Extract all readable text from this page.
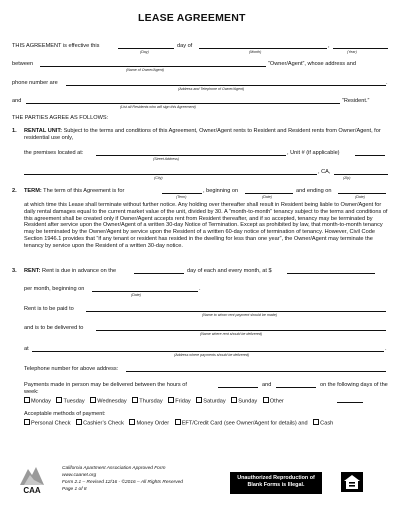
LEASE AGREEMENT
THIS AGREEMENT is effective this	day of	,
(Day)	(Month)	(Year)
between	“Owner/Agent”, whose address and
(Name of Owner/Agent)
phone number are	.
(Address and Telephone of Owner/Agent)
and	“Resident.”
(List all Residents who will sign this Agreement)
THE PARTIES AGREE AS FOLLOWS:
1. RENTAL UNIT: Subject to the terms and conditions of this Agreement, Owner/Agent rents to Resident and Resident rents from Owner/Agent, for residential use only,
the premises located at:	, Unit # (if applicable)
(Street Address)
, CA,
(City)	(Zip)
2. TERM: The term of this Agreement is for	, beginning on	and ending on
(Term)	(Date)	(Date)
at which time this Lease shall terminate without further notice. Any holding over thereafter shall result in Resident being liable to Owner/Agent for daily rental damages equal to the current market value of the unit, divided by 30. A “month-to-month” tenancy subject to the terms and conditions of this agreement shall be created only if Owner/Agent accepts rent from Resident thereafter, and if so accepted, tenancy may be terminated by Resident after service upon the Owner/Agent of a written 30-day Notice of Termination. Except as prohibited by law, that month-to-month tenancy may be terminated by the Owner/Agent by service upon the Resident of a written 60-day notice of termination of tenancy. However, Civil Code Section 1946.1 provides that “if any tenant or resident has resided in the dwelling for less than one year”, the Owner/Agent may terminate the tenancy by service upon the Resident of a written 30-day notice.
3. RENT: Rent is due in advance on the	day of each and every month, at $
per month, beginning on	.
(Date)
Rent is to be paid to
(Name to whom rent payment should be made)
and is to be delivered to
(Name where rent should be delivered)
at	.
(Address where payments should be delivered)
Telephone number for above address:
Payments made in person may be delivered between the hours of	and	on the following days of the
week:
Monday Tuesday Wednesday Thursday Friday Saturday Sunday Other
Acceptable methods of payment:
Personal Check Cashier’s Check Money Order EFT/Credit Card (see Owner/Agent for details) and Cash
CAA
California Apartment Association Approved Form
www.caanet.org
Form 2.1 – Revised 12/16 - ©2016 – All Rights Reserved
Page 1 of 8
Unauthorized Reproduction of
Blank Forms is Illegal.
